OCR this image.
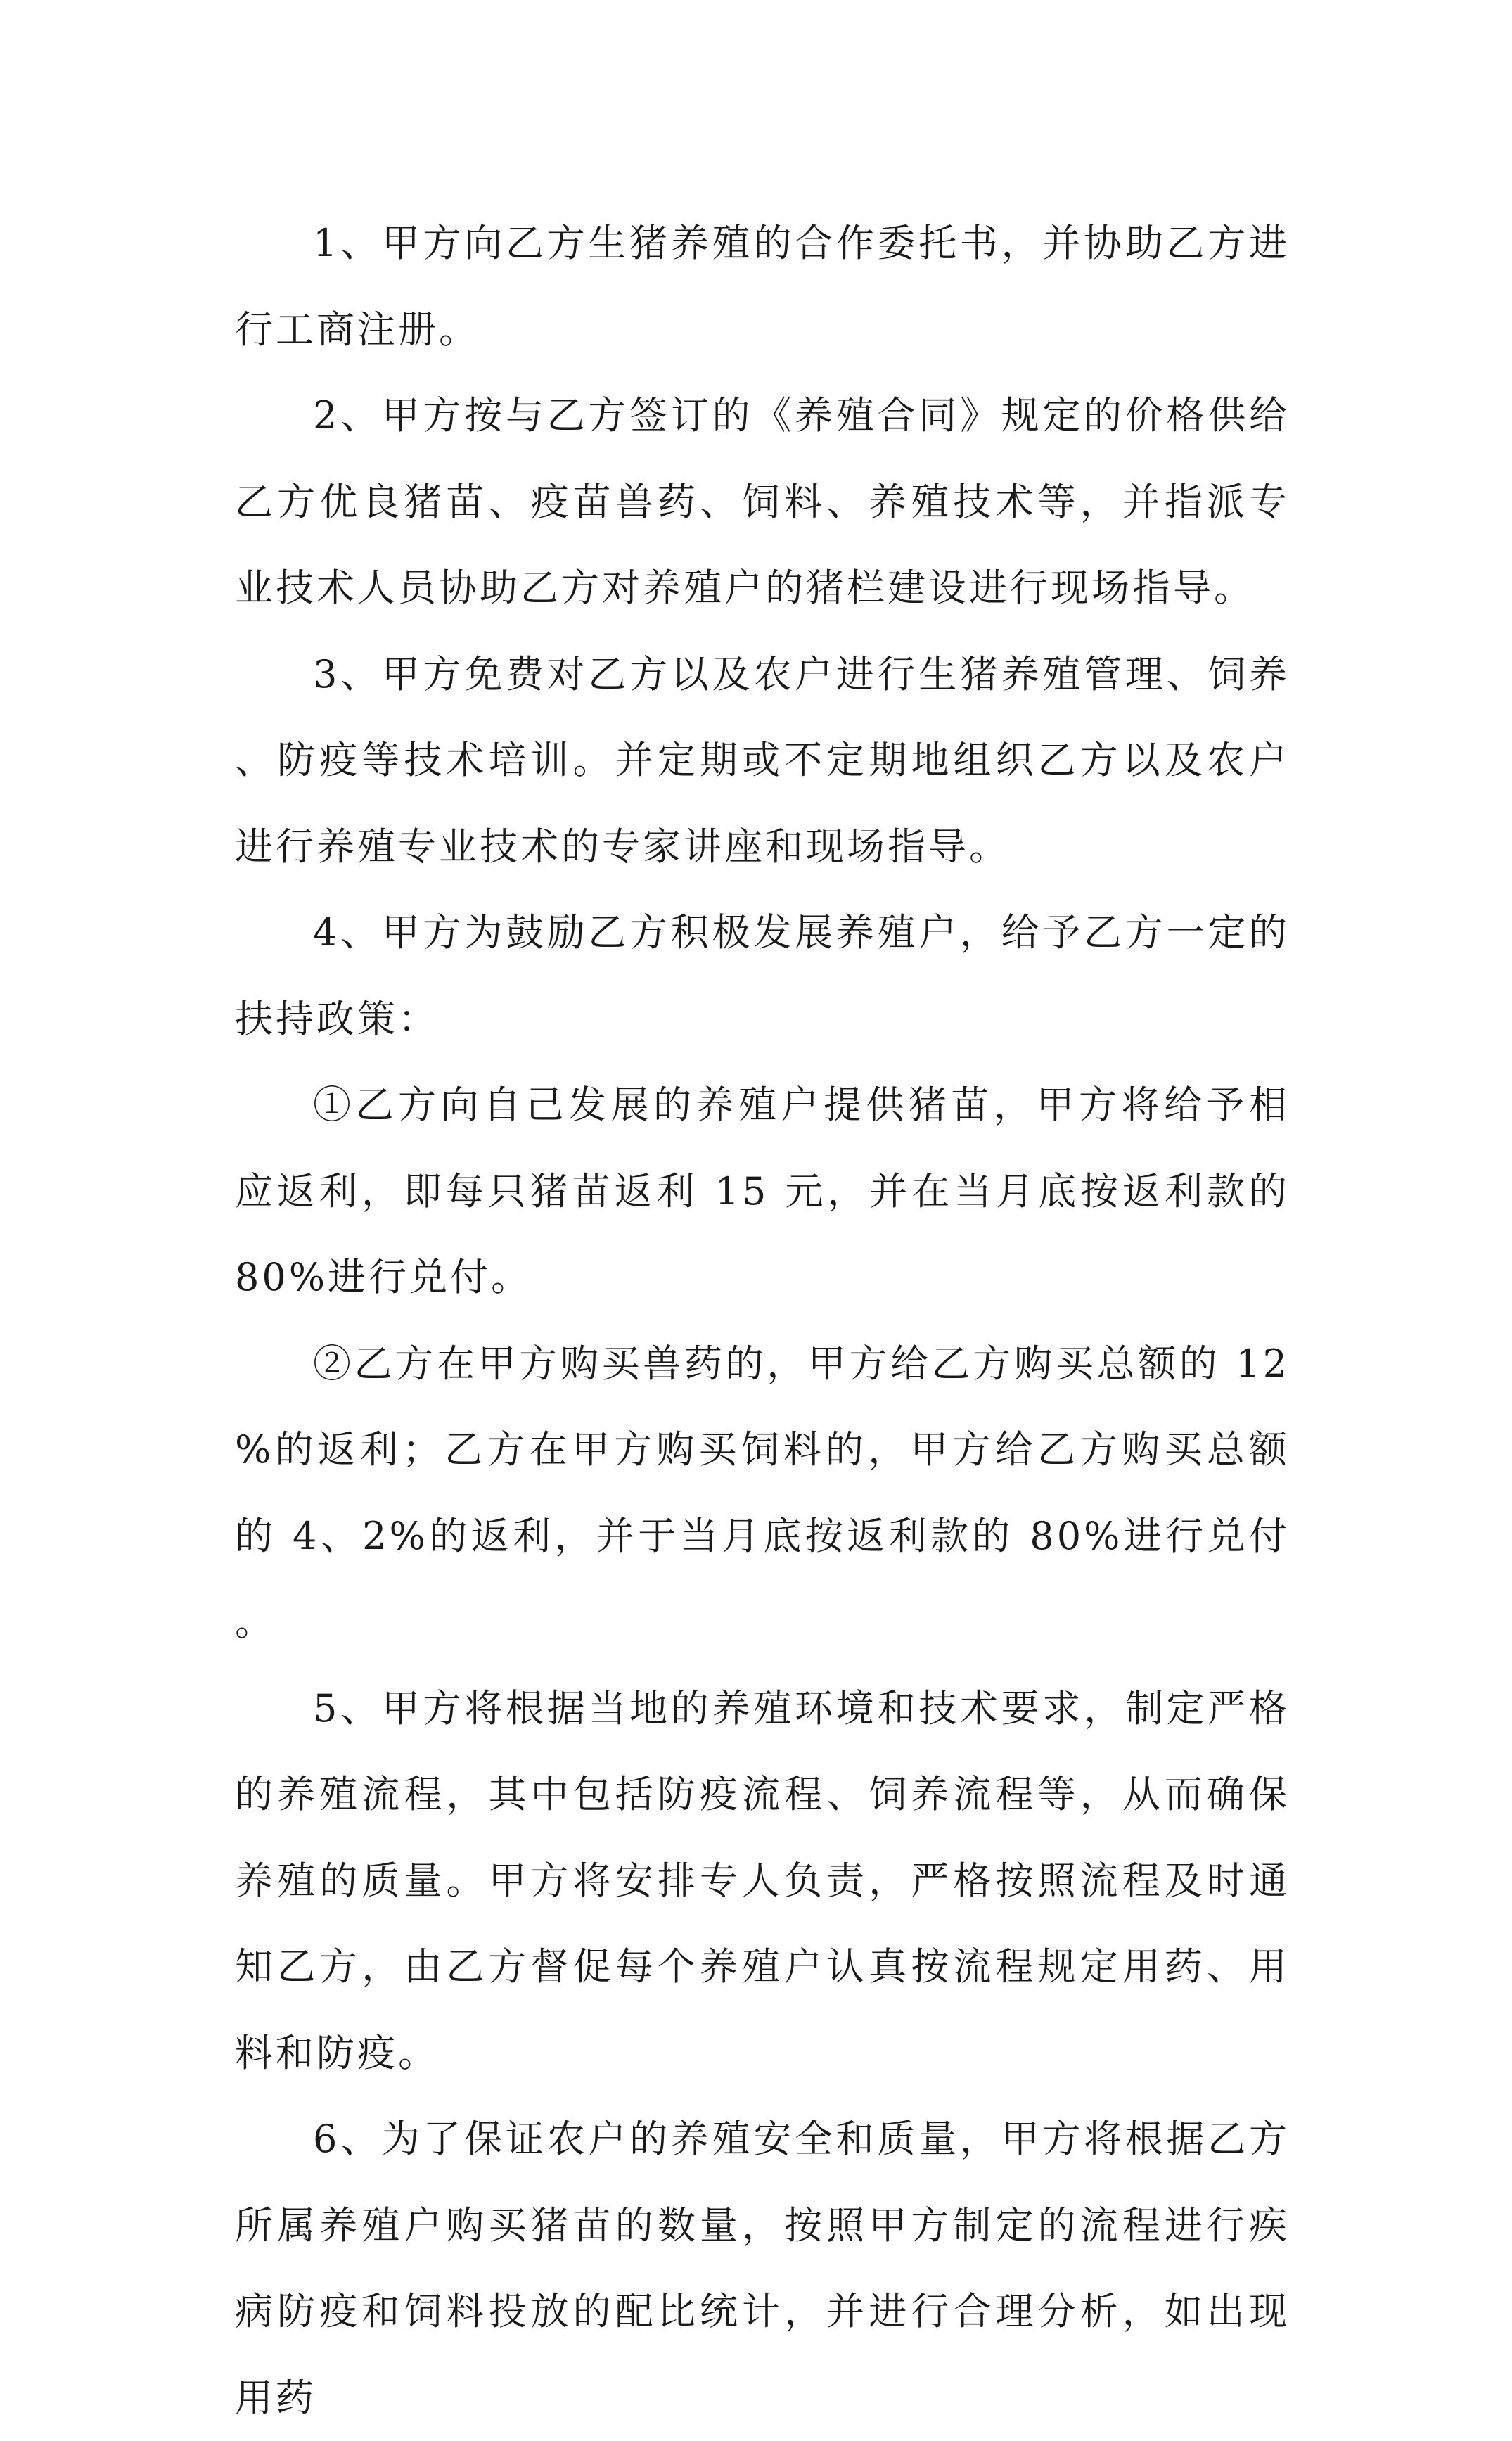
1、甲方向乙方生猪养殖的合作委托书，并协助乙方进行工商注册。

2、甲方按与乙方签订的《养殖合同》规定的价格供给乙方优良猪苗、疫苗兽药、饲料、养殖技术等，并指派专业技术人员协助乙方对养殖户的猪栏建设进行现场指导。

3、甲方免费对乙方以及农户进行生猪养殖管理、饲养、防疫等技术培训。并定期或不定期地组织乙方以及农户进行养殖专业技术的专家讲座和现场指导。

4、甲方为鼓励乙方积极发展养殖户，给予乙方一定的扶持政策：

①乙方向自己发展的养殖户提供猪苗，甲方将给予相应返利，即每只猪苗返利 15 元，并在当月底按返利款的 80%进行兑付。

②乙方在甲方购买兽药的，甲方给乙方购买总额的 12%的返利；乙方在甲方购买饲料的，甲方给乙方购买总额的 4、2%的返利，并于当月底按返利款的 80%进行兑付。

5、甲方将根据当地的养殖环境和技术要求，制定严格的养殖流程，其中包括防疫流程、饲养流程等，从而确保养殖的质量。甲方将安排专人负责，严格按照流程及时通知乙方，由乙方督促每个养殖户认真按流程规定用药、用料和防疫。

6、为了保证农户的养殖安全和质量，甲方将根据乙方所属养殖户购买猪苗的数量，按照甲方制定的流程进行疾病防疫和饲料投放的配比统计，并进行合理分析，如出现用药
